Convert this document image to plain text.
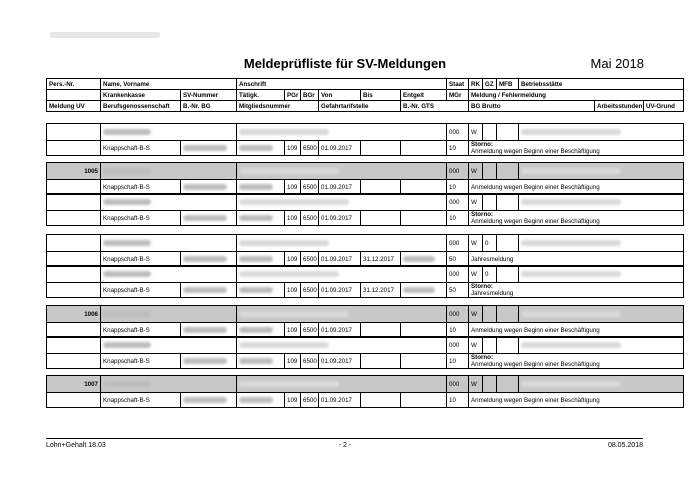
Meldeprüfliste für SV-Meldungen	Mai 2018
Pers.-Nr.	Name, Vorname		Anschrift						Staat	RK	GZ	MFB	Betriebsstätte		
	Krankenkasse	SV-Nummer	Tätigk.	PGr	BGr	Von	Bis	Entgelt	MGr	Meldung / Fehlermeldung					
Meldung UV	Berufsgenossenschaft	B.-Nr. BG	Mitgliedsnummer			Gefahrtarifstelle		B.-Nr. GTS		BG Brutto				Arbeitsstunden	UV-Grund
									000	W			
	Knappschaft-B-S			109	6500	01.09.2017			10	Storno:
Anmeldung wegen Beginn einer Beschäftigung			
1005									000	W			
	Knappschaft-B-S			109	6500	01.09.2017			10	Anmeldung wegen Beginn einer Beschäftigung			
									000	W			
	Knappschaft-B-S			109	6500	01.09.2017			10	Storno:
Anmeldung wegen Beginn einer Beschäftigung			
									000	W	0		
	Knappschaft-B-S			109	6500	01.09.2017	31.12.2017		50	Jahresmeldung			
									000	W	0		
	Knappschaft-B-S			109	6500	01.09.2017	31.12.2017		50	Storno:
Jahresmeldung			
1006									000	W			
	Knappschaft-B-S			109	6500	01.09.2017			10	Anmeldung wegen Beginn einer Beschäftigung			
									000	W			
	Knappschaft-B-S			109	6500	01.09.2017			10	Storno:
Anmeldung wegen Beginn einer Beschäftigung			
1007									000	W			
	Knappschaft-B-S			109	6500	01.09.2017			10	Anmeldung wegen Beginn einer Beschäftigung			
Lohn+Gehalt 18.03	- 2 -	08.05.2018
